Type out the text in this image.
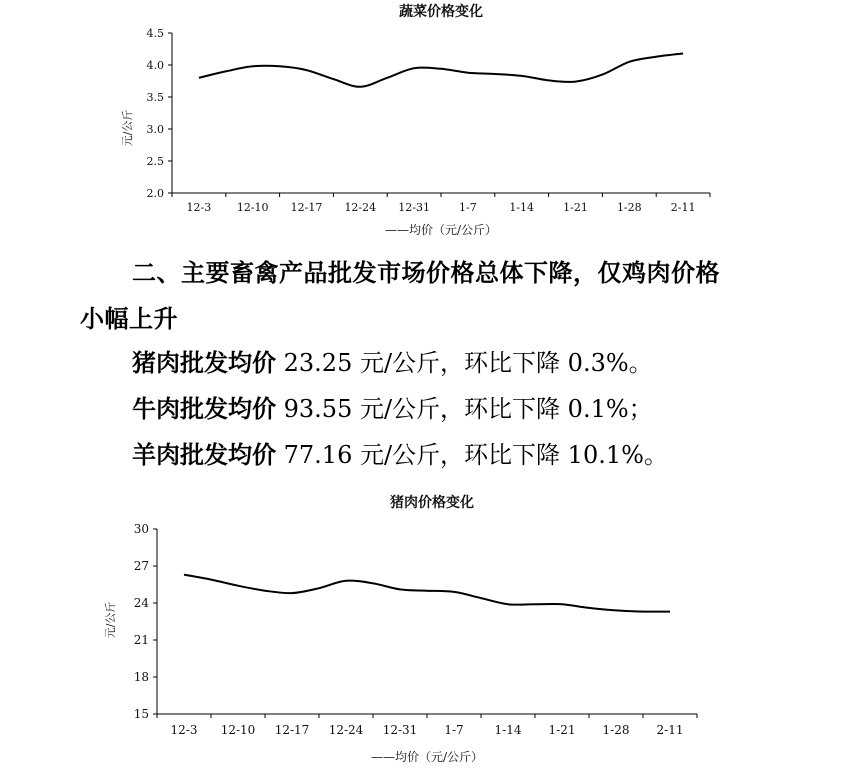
蔬菜价格变化
元/公斤
——均价（元/公斤）
2.0
2.5
3.0
3.5
4.0
4.5
12-3 12-10 12-17 12-24 12-31	1-7	1-14	1-21	1-28	2-11
二、主要畜禽产品批发市场价格总体下降，仅鸡肉价格
小幅上升
猪肉批发均价 23.25 元/公斤，环比下降 0.3%。
牛肉批发均价 93.55 元/公斤，环比下降 0.1%；
羊肉批发均价 77.16 元/公斤，环比下降 10.1%。
猪肉价格变化
元/公斤
——均价（元/公斤）
15
18
21
24
27
30
12-3 12-10 12-17 12-24 12-31 1-7	1-14 1-21 1-28 2-11
